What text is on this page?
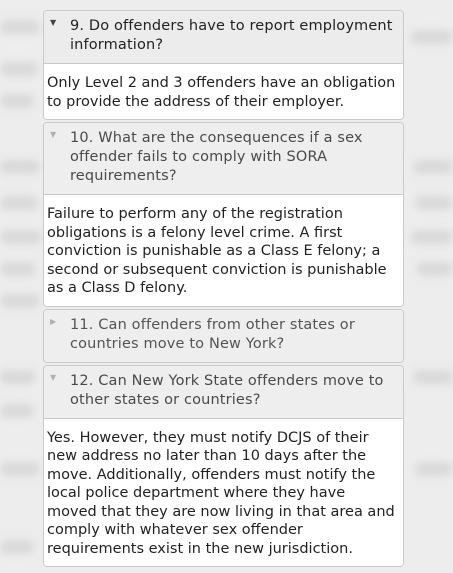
▼ 9. Do offenders have to report employment information?
Only Level 2 and 3 offenders have an obligation to provide the address of their employer.
▼ 10. What are the consequences if a sex offender fails to comply with SORA requirements?
Failure to perform any of the registration obligations is a felony level crime. A first conviction is punishable as a Class E felony; a second or subsequent conviction is punishable as a Class D felony.
▶ 11. Can offenders from other states or countries move to New York?
▼ 12. Can New York State offenders move to other states or countries?
Yes. However, they must notify DCJS of their new address no later than 10 days after the move. Additionally, offenders must notify the local police department where they have moved that they are now living in that area and comply with whatever sex offender requirements exist in the new jurisdiction.
